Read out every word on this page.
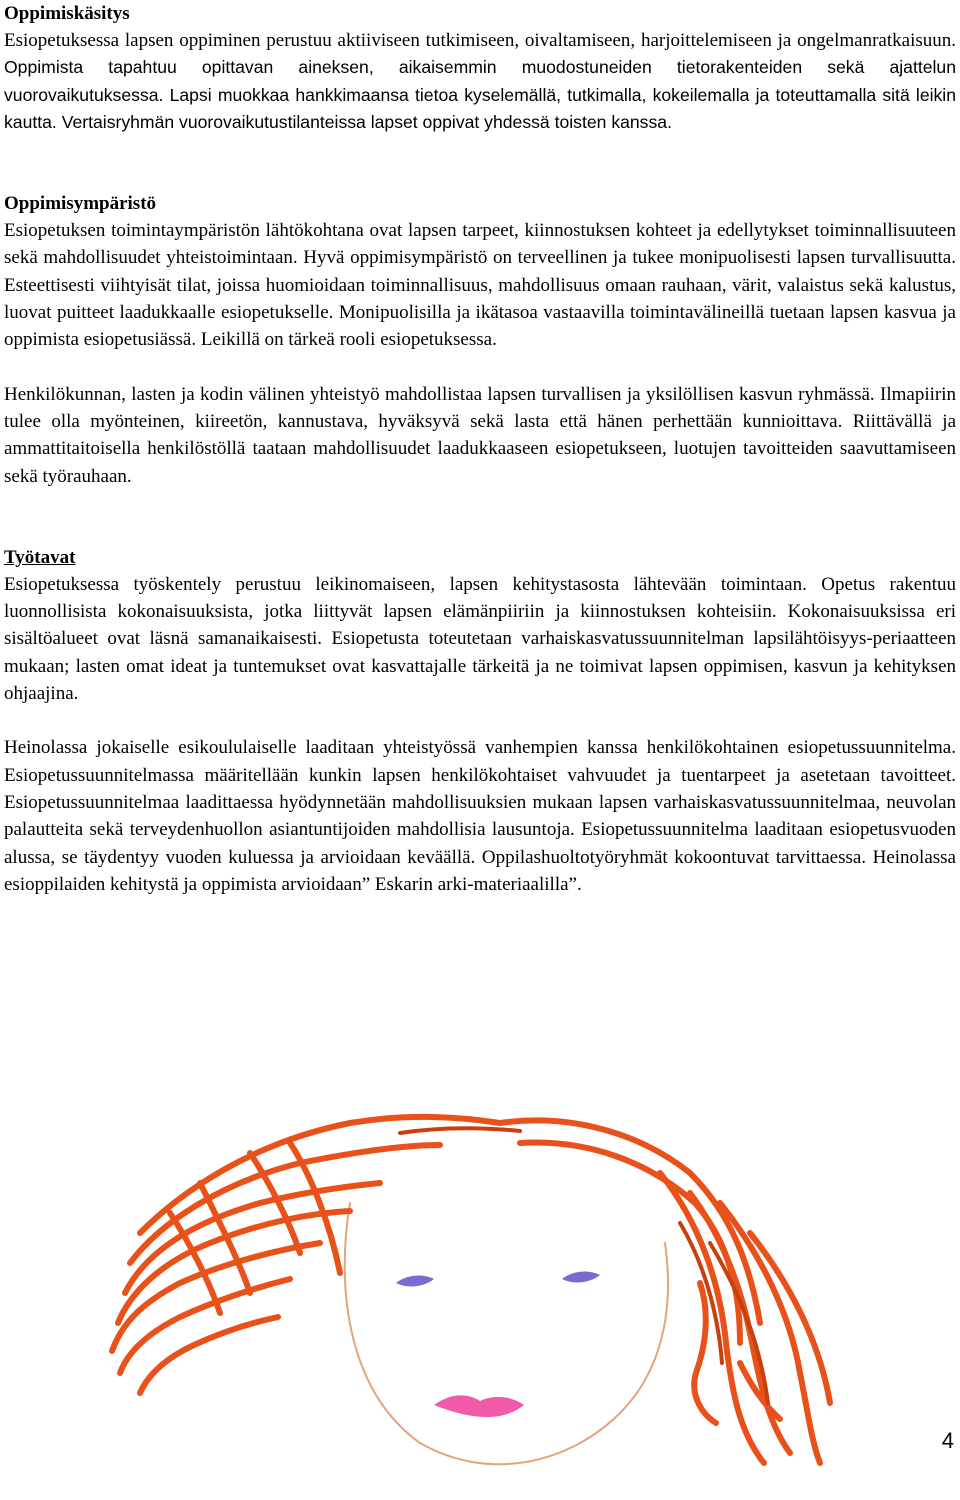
Oppimiskäsitys

Esiopetuksessa lapsen oppiminen perustuu aktiiviseen tutkimiseen, oivaltamiseen, harjoittelemiseen ja ongelmanratkaisuun. Oppimista tapahtuu opittavan aineksen, aikaisemmin muodostuneiden tietorakenteiden sekä ajattelun vuorovaikutuksessa. Lapsi muokkaa hankkimaansa tietoa kyselemällä, tutkimalla, kokeilemalla ja toteuttamalla sitä leikin kautta. Vertaisryhmän vuorovaikutustilanteissa lapset oppivat yhdessä toisten kanssa.

Oppimisympäristö

Esiopetuksen toimintaympäristön lähtökohtana ovat lapsen tarpeet, kiinnostuksen kohteet ja edellytykset toiminnallisuuteen sekä mahdollisuudet yhteistoimintaan. Hyvä oppimisympäristö on terveellinen ja tukee monipuolisesti lapsen turvallisuutta. Esteettisesti viihtyisät tilat, joissa huomioidaan toiminnallisuus, mahdollisuus omaan rauhaan, värit, valaistus sekä kalustus, luovat puitteet laadukkaalle esiopetukselle. Monipuolisilla ja ikätasoa vastaavilla toimintavälineillä tuetaan lapsen kasvua ja oppimista esiopetusiässä. Leikillä on tärkeä rooli esiopetuksessa.

Henkilökunnan, lasten ja kodin välinen yhteistyö mahdollistaa lapsen turvallisen ja yksilöllisen kasvun ryhmässä. Ilmapiirin tulee olla myönteinen, kiireetön, kannustava, hyväksyvä sekä lasta että hänen perhettään kunnioittava. Riittävällä ja ammattitaitoisella henkilöstöllä taataan mahdollisuudet laadukkaaseen esiopetukseen, luotujen tavoitteiden saavuttamiseen sekä työrauhaan.

Työtavat

Esiopetuksessa työskentely perustuu leikinomaiseen, lapsen kehitystasosta lähtevään toimintaan. Opetus rakentuu luonnollisista kokonaisuuksista, jotka liittyvät lapsen elämänpiiriin ja kiinnostuksen kohteisiin. Kokonaisuuksissa eri sisältöalueet ovat läsnä samanaikaisesti. Esiopetusta toteutetaan varhaiskasvatussuunnitelman lapsilähtöisyys-periaatteen mukaan; lasten omat ideat ja tuntemukset ovat kasvattajalle tärkeitä ja ne toimivat lapsen oppimisen, kasvun ja kehityksen ohjaajina.

Heinolassa jokaiselle esikoululaiselle laaditaan yhteistyössä vanhempien kanssa henkilökohtainen esiopetussuunnitelma. Esiopetussuunnitelmassa määritellään kunkin lapsen henkilökohtaiset vahvuudet ja tuentarpeet ja asetetaan tavoitteet. Esiopetussuunnitelmaa laadittaessa hyödynnetään mahdollisuuksien mukaan lapsen varhaiskasvatussuunnitelmaa, neuvolan palautteita sekä terveydenhuollon asiantuntijoiden mahdollisia lausuntoja. Esiopetussuunnitelma laaditaan esiopetusvuoden alussa, se täydentyy vuoden kuluessa ja arvioidaan keväällä. Oppilashuoltotyöryhmät kokoontuvat tarvittaessa. Heinolassa esioppilaiden kehitystä ja oppimista arvioidaan” Eskarin arki-materiaalilla”.

4
